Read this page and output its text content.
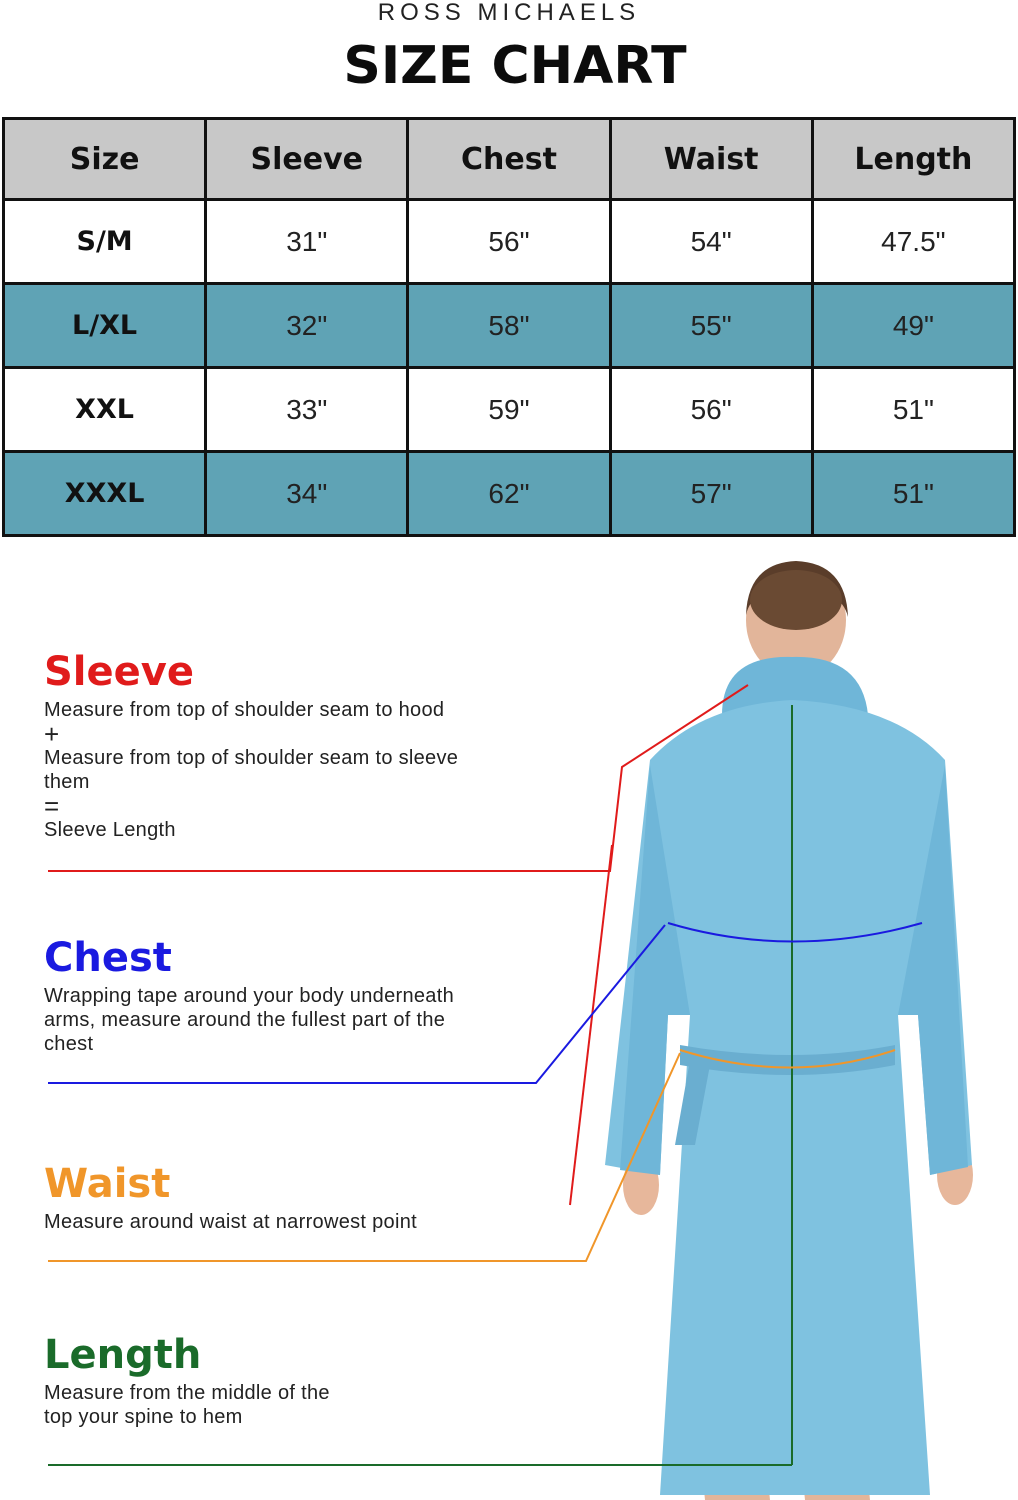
ROSS MICHAELS
SIZE CHART
Size	Sleeve	Chest	Waist	Length
S/M	31"	56"	54"	47.5"
L/XL	32"	58"	55"	49"
XXL	33"	59"	56"	51"
XXXL	34"	62"	57"	51"
Sleeve
Measure from top of shoulder seam to hood
+
Measure from top of shoulder seam to sleeve
them
=
Sleeve Length
Chest
Wrapping tape around your body underneath
arms, measure around the fullest part of the
chest
Waist
Measure around waist at narrowest point
Length
Measure from the middle of the
top your spine to hem
